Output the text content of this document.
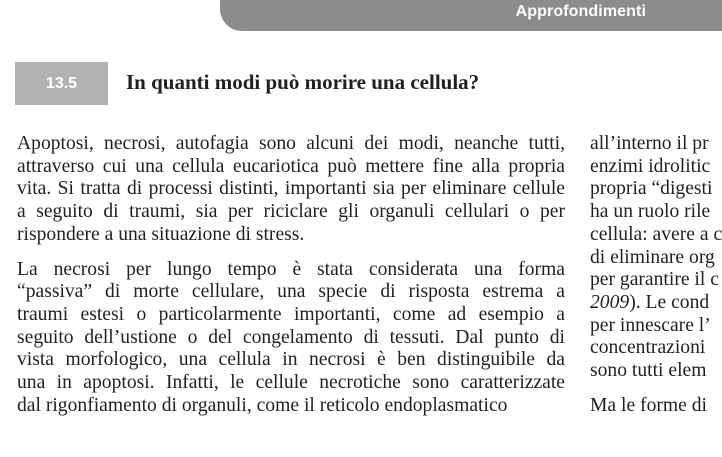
Approfondimenti
13.5	In quanti modi può morire una cellula?

Apoptosi, necrosi, autofagia sono alcuni dei modi, neanche tutti,
attraverso cui una cellula eucariotica può mettere fine alla propria
vita. Si tratta di processi distinti, importanti sia per eliminare cellule
a seguito di traumi, sia per riciclare gli organuli cellulari o per
rispondere a una situazione di stress.

La necrosi per lungo tempo è stata considerata una forma
“passiva” di morte cellulare, una specie di risposta estrema a
traumi estesi o particolarmente importanti, come ad esempio a
seguito dell’ustione o del congelamento di tessuti. Dal punto di
vista morfologico, una cellula in necrosi è ben distinguibile da
una in apoptosi. Infatti, le cellule necrotiche sono caratterizzate
dal rigonfiamento di organuli, come il reticolo endoplasmatico

all’interno il pr
enzimi idrolitic
propria “digesti
ha un ruolo rile
cellula: avere a c
di eliminare org
per garantire il c
2009). Le cond
per innescare l’
concentrazioni
sono tutti elem
Ma le forme di
